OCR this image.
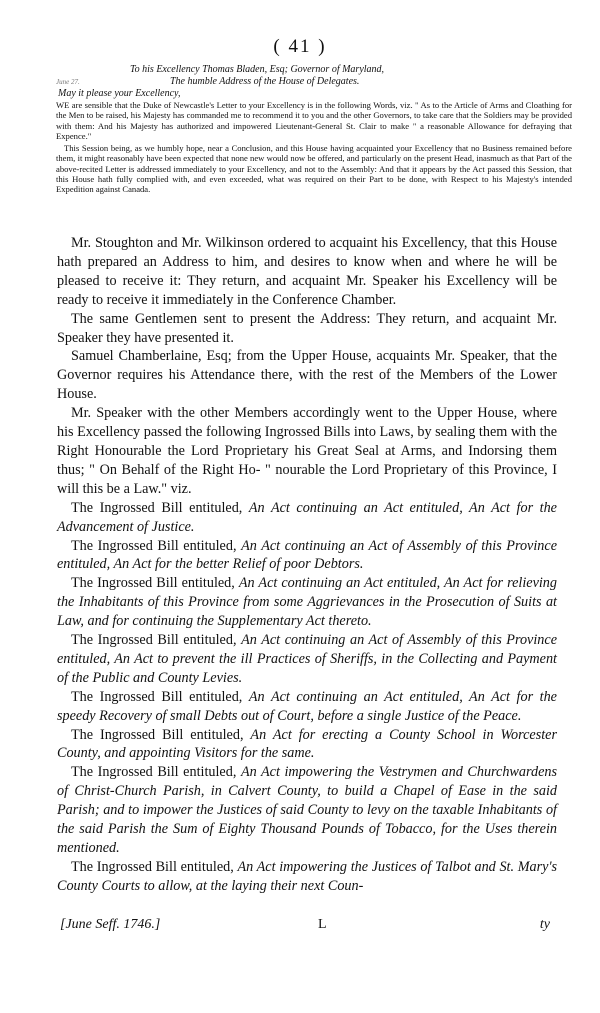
( 41 )
June 27.
To his Excellency Thomas Bladen, Esq; Governor of Maryland,
The humble Address of the House of Delegates.
May it please your Excellency,

WE are sensible that the Duke of Newcastle's Letter to your Excellency is in the following Words, viz. " As to the Article of Arms and Cloathing for the Men to be raised, his Majesty has commanded me to recommend it to you and the other Governors, to take care that the Soldiers may be provided with them: And his Majesty has authorized and impowered Lieutenant-General St. Clair to make " a reasonable Allowance for defraying that Expence."

This Session being, as we humbly hope, near a Conclusion, and this House having acquainted your Excellency that no Business remained before them, it might reasonably have been expected that none new would now be offered, and particularly on the present Head, inasmuch as that Part of the above-recited Letter is addressed immediately to your Excellency, and not to the Assembly: And that it appears by the Act passed this Session, that this House hath fully complied with, and even exceeded, what was required on their Part to be done, with Respect to his Majesty's intended Expedition against Canada.

Mr. Stoughton and Mr. Wilkinson ordered to acquaint his Excellency, that this House hath prepared an Address to him, and desires to know when and where he will be pleased to receive it: They return, and acquaint Mr. Speaker his Excellency will be ready to receive it immediately in the Conference Chamber.

The same Gentlemen sent to present the Address: They return, and acquaint Mr. Speaker they have presented it.

Samuel Chamberlaine, Esq; from the Upper House, acquaints Mr. Speaker, that the Governor requires his Attendance there, with the rest of the Members of the Lower House.

Mr. Speaker with the other Members accordingly went to the Upper House, where his Excellency passed the following Ingrossed Bills into Laws, by sealing them with the Right Honourable the Lord Proprietary his Great Seal at Arms, and Indorsing them thus; " On Behalf of the Right Ho- " nourable the Lord Proprietary of this Province, I will this be a Law." viz.

The Ingrossed Bill entituled, An Act continuing an Act entituled, An Act for the Advancement of Justice.

The Ingrossed Bill entituled, An Act continuing an Act of Assembly of this Province entituled, An Act for the better Relief of poor Debtors.

The Ingrossed Bill entituled, An Act continuing an Act entituled, An Act for relieving the Inhabitants of this Province from some Aggrievances in the Prosecution of Suits at Law, and for continuing the Supplementary Act thereto.

The Ingrossed Bill entituled, An Act continuing an Act of Assembly of this Province entituled, An Act to prevent the ill Practices of Sheriffs, in the Collecting and Payment of the Public and County Levies.

The Ingrossed Bill entituled, An Act continuing an Act entituled, An Act for the speedy Recovery of small Debts out of Court, before a single Justice of the Peace.

The Ingrossed Bill entituled, An Act for erecting a County School in Worcester County, and appointing Visitors for the same.

The Ingrossed Bill entituled, An Act impowering the Vestrymen and Churchwardens of Christ-Church Parish, in Calvert County, to build a Chapel of Ease in the said Parish; and to impower the Justices of said County to levy on the taxable Inhabitants of the said Parish the Sum of Eighty Thousand Pounds of Tobacco, for the Uses therein mentioned.

The Ingrossed Bill entituled, An Act impowering the Justices of Talbot and St. Mary's County Courts to allow, at the laying their next Coun-

[June Seff. 1746.]	L	ty
